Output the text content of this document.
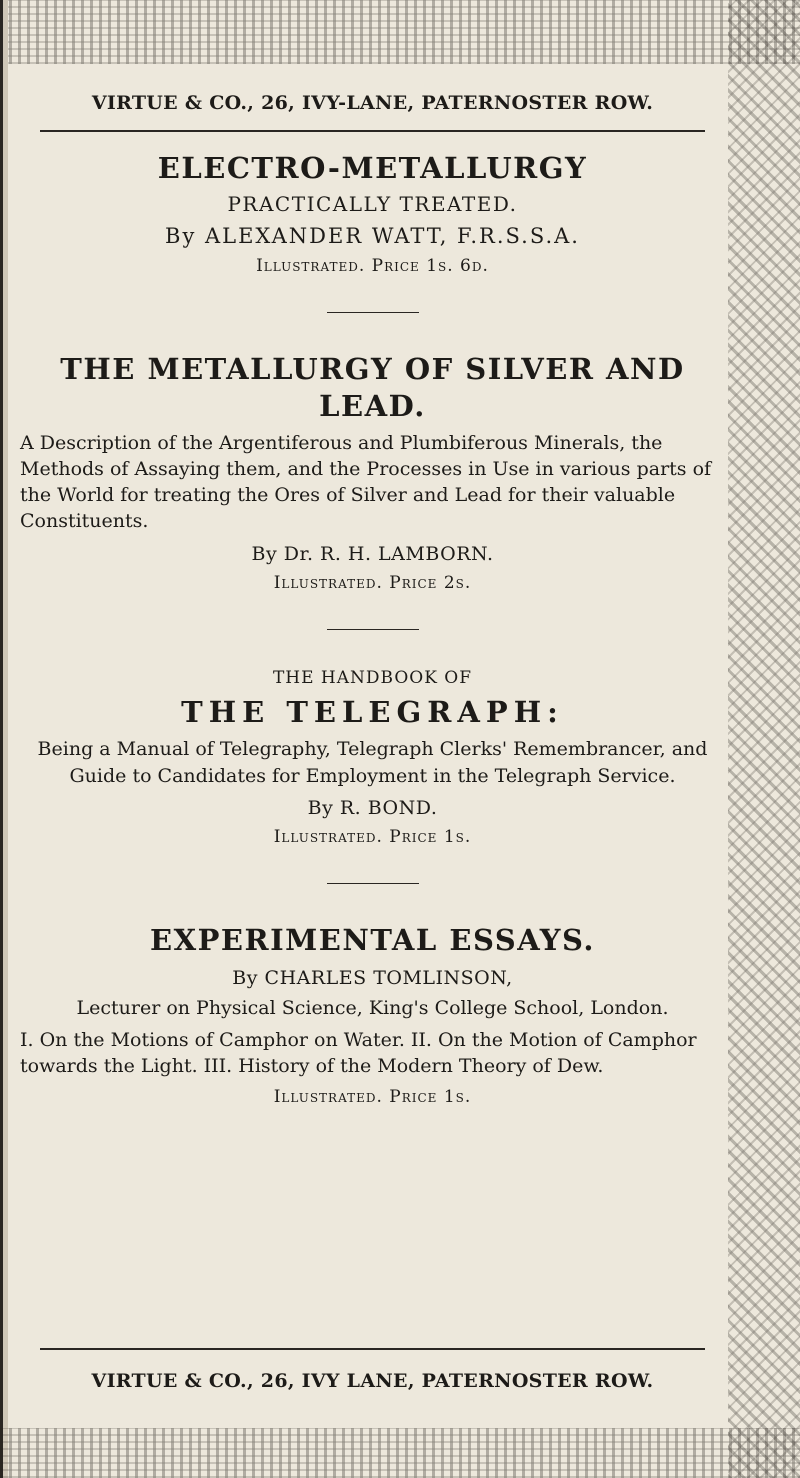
VIRTUE & CO., 26, IVY-LANE, PATERNOSTER ROW.
ELECTRO-METALLURGY
PRACTICALLY TREATED.
By ALEXANDER WATT, F.R.S.S.A.
Illustrated. Price 1s. 6d.
THE METALLURGY OF SILVER AND
LEAD.
A Description of the Argentiferous and Plumbiferous Minerals, the Methods of Assaying them, and the Processes in Use in various parts of the World for treating the Ores of Silver and Lead for their valuable Constituents.
By Dr. R. H. LAMBORN.
Illustrated. Price 2s.
THE HANDBOOK OF
THE TELEGRAPH:
Being a Manual of Telegraphy, Telegraph Clerks' Remembrancer, and Guide to Candidates for Employment in the Telegraph Service.
By R. BOND.
Illustrated. Price 1s.
EXPERIMENTAL ESSAYS.
By CHARLES TOMLINSON,
Lecturer on Physical Science, King's College School, London.
I. On the Motions of Camphor on Water. II. On the Motion of Camphor towards the Light. III. History of the Modern Theory of Dew.
Illustrated. Price 1s.
VIRTUE & CO., 26, IVY LANE, PATERNOSTER ROW.
